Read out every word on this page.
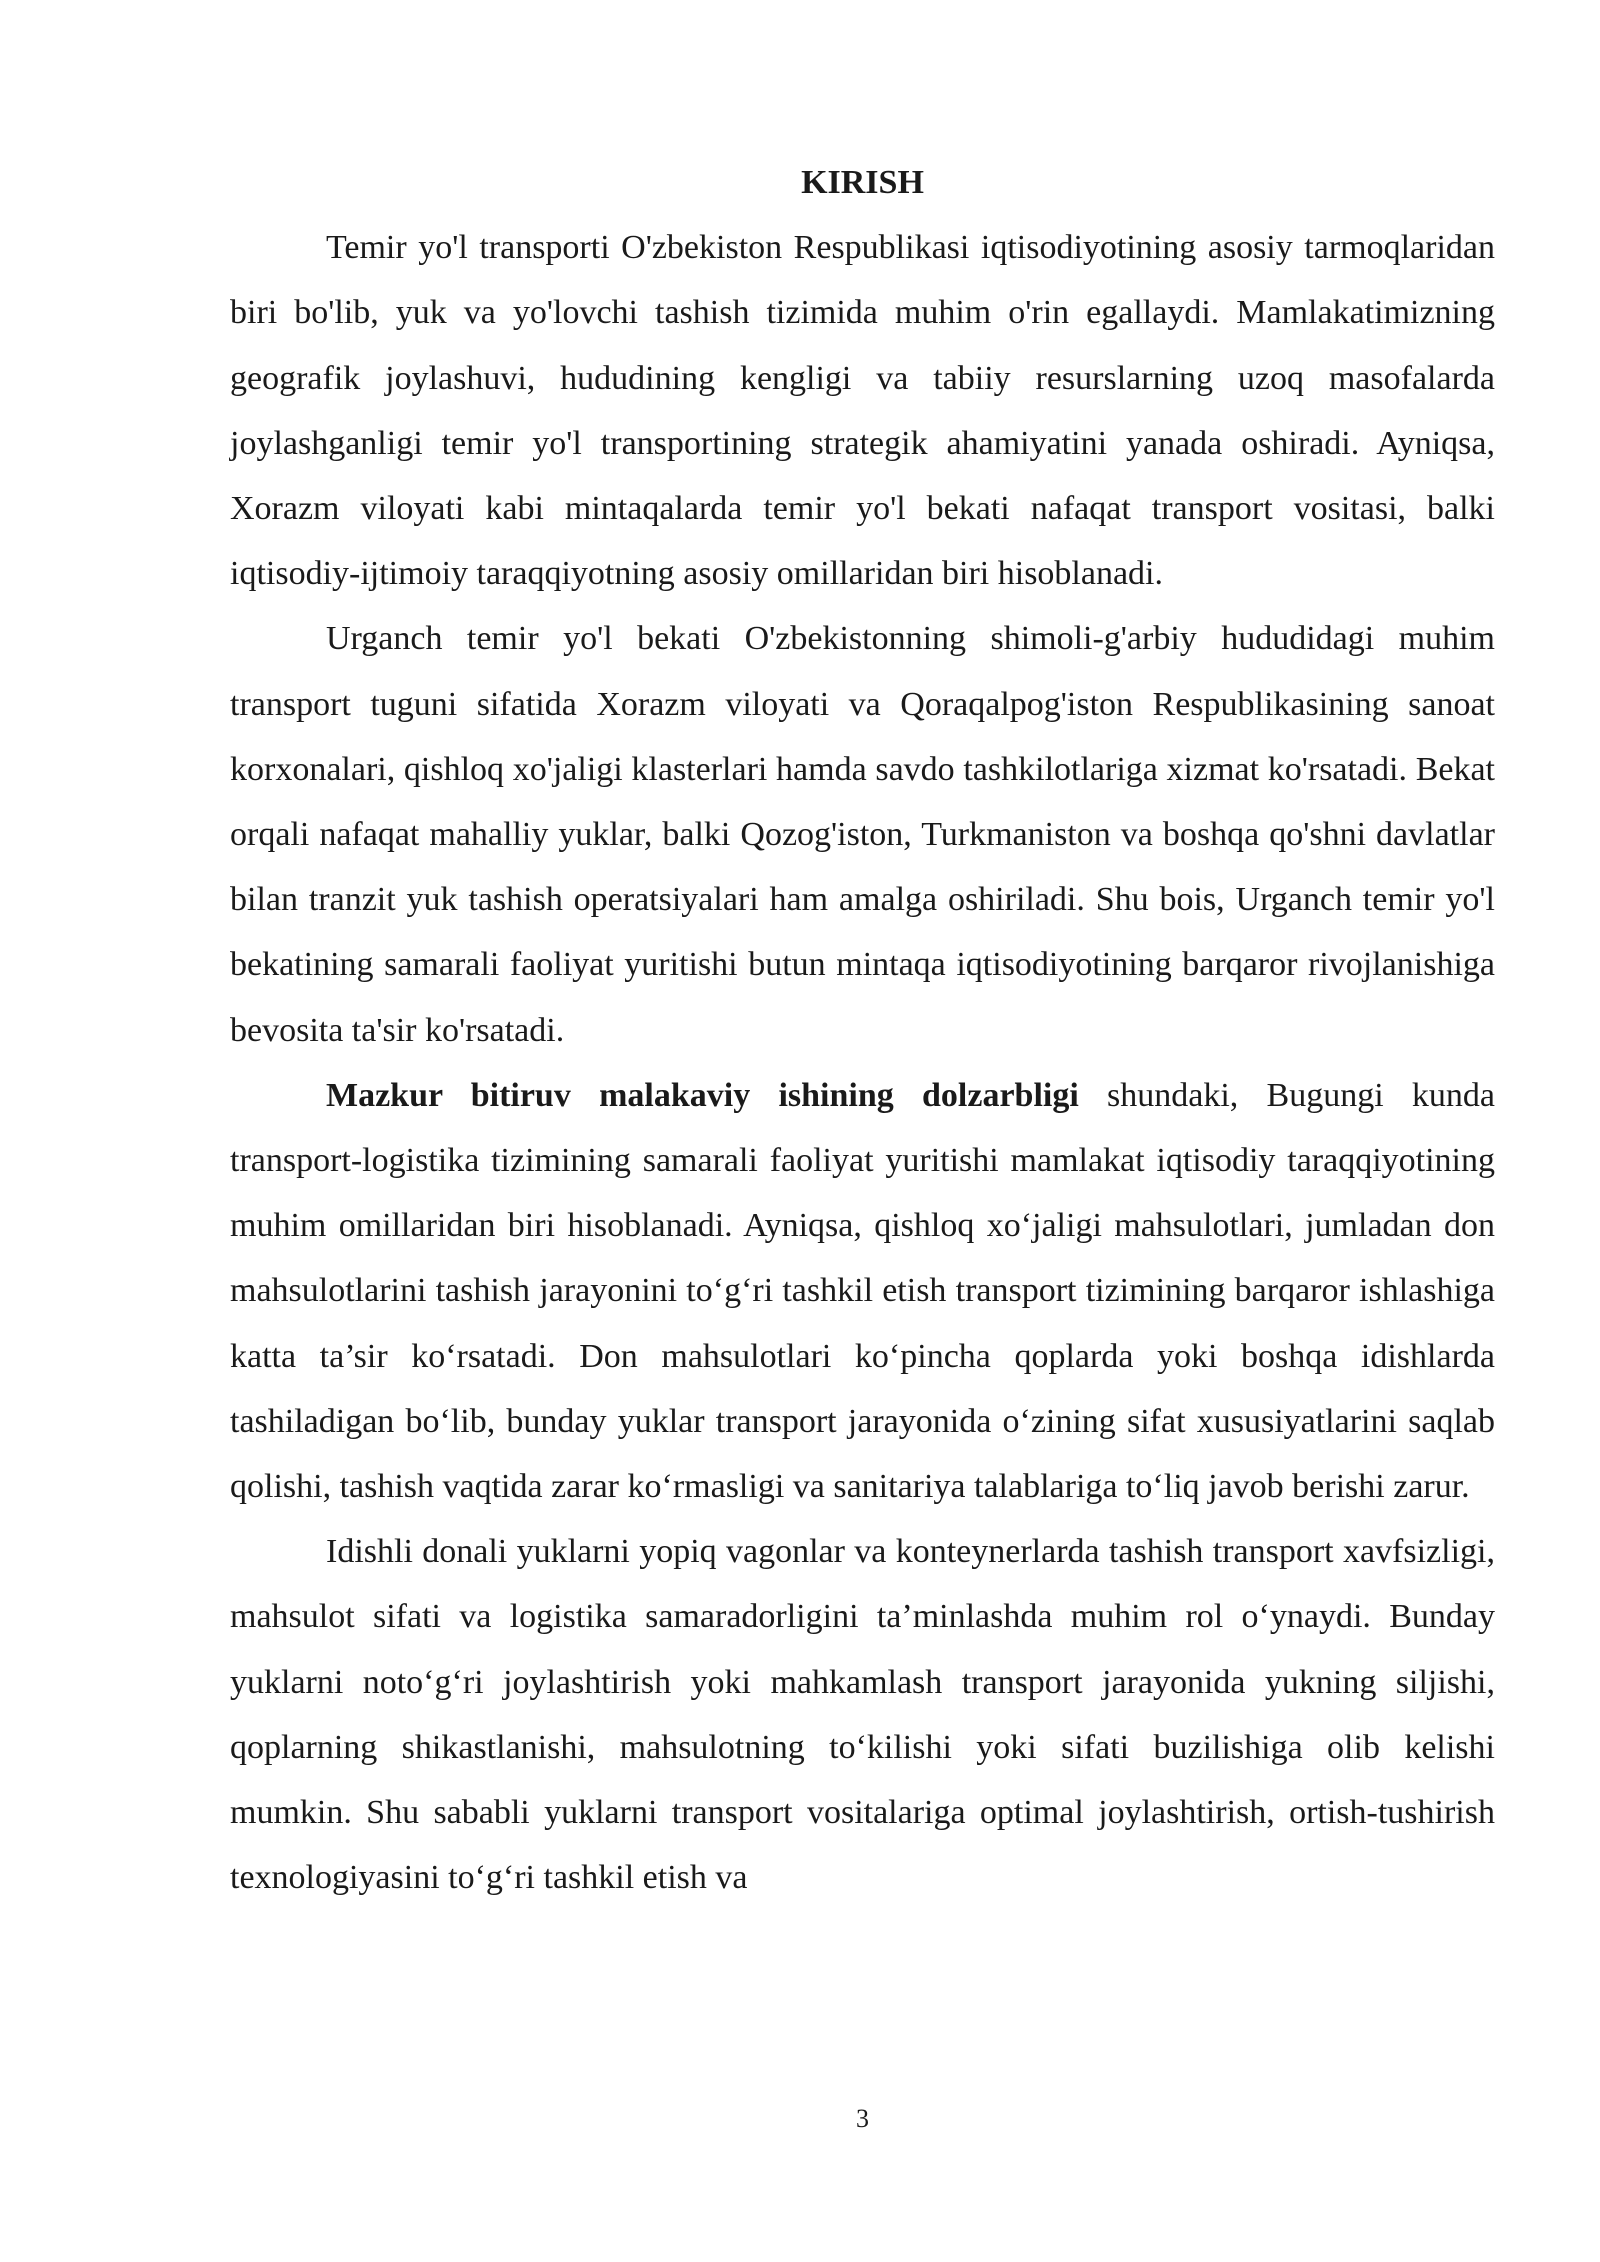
KIRISH

Temir yo'l transporti O'zbekiston Respublikasi iqtisodiyotining asosiy tarmoqlaridan biri bo'lib, yuk va yo'lovchi tashish tizimida muhim o'rin egallaydi. Mamlakatimizning geografik joylashuvi, hududining kengligi va tabiiy resurslarning uzoq masofalarda joylashganligi temir yo'l transportining strategik ahamiyatini yanada oshiradi. Ayniqsa, Xorazm viloyati kabi mintaqalarda temir yo'l bekati nafaqat transport vositasi, balki iqtisodiy-ijtimoiy taraqqiyotning asosiy omillaridan biri hisoblanadi.

Urganch temir yo'l bekati O'zbekistonning shimoli-g'arbiy hududidagi muhim transport tuguni sifatida Xorazm viloyati va Qoraqalpog'iston Respublikasining sanoat korxonalari, qishloq xo'jaligi klasterlari hamda savdo tashkilotlariga xizmat ko'rsatadi. Bekat orqali nafaqat mahalliy yuklar, balki Qozog'iston, Turkmaniston va boshqa qo'shni davlatlar bilan tranzit yuk tashish operatsiyalari ham amalga oshiriladi. Shu bois, Urganch temir yo'l bekatining samarali faoliyat yuritishi butun mintaqa iqtisodiyotining barqaror rivojlanishiga bevosita ta'sir ko'rsatadi.

Mazkur bitiruv malakaviy ishining dolzarbligi shundaki, Bugungi kunda transport-logistika tizimining samarali faoliyat yuritishi mamlakat iqtisodiy taraqqiyotining muhim omillaridan biri hisoblanadi. Ayniqsa, qishloq xo‘jaligi mahsulotlari, jumladan don mahsulotlarini tashish jarayonini to‘g‘ri tashkil etish transport tizimining barqaror ishlashiga katta ta’sir ko‘rsatadi. Don mahsulotlari ko‘pincha qoplarda yoki boshqa idishlarda tashiladigan bo‘lib, bunday yuklar transport jarayonida o‘zining sifat xususiyatlarini saqlab qolishi, tashish vaqtida zarar ko‘rmasligi va sanitariya talablariga to‘liq javob berishi zarur.

Idishli donali yuklarni yopiq vagonlar va konteynerlarda tashish transport xavfsizligi, mahsulot sifati va logistika samaradorligini ta’minlashda muhim rol o‘ynaydi. Bunday yuklarni noto‘g‘ri joylashtirish yoki mahkamlash transport jarayonida yukning siljishi, qoplarning shikastlanishi, mahsulotning to‘kilishi yoki sifati buzilishiga olib kelishi mumkin. Shu sababli yuklarni transport vositalariga optimal joylashtirish, ortish-tushirish texnologiyasini to‘g‘ri tashkil etish va

3
